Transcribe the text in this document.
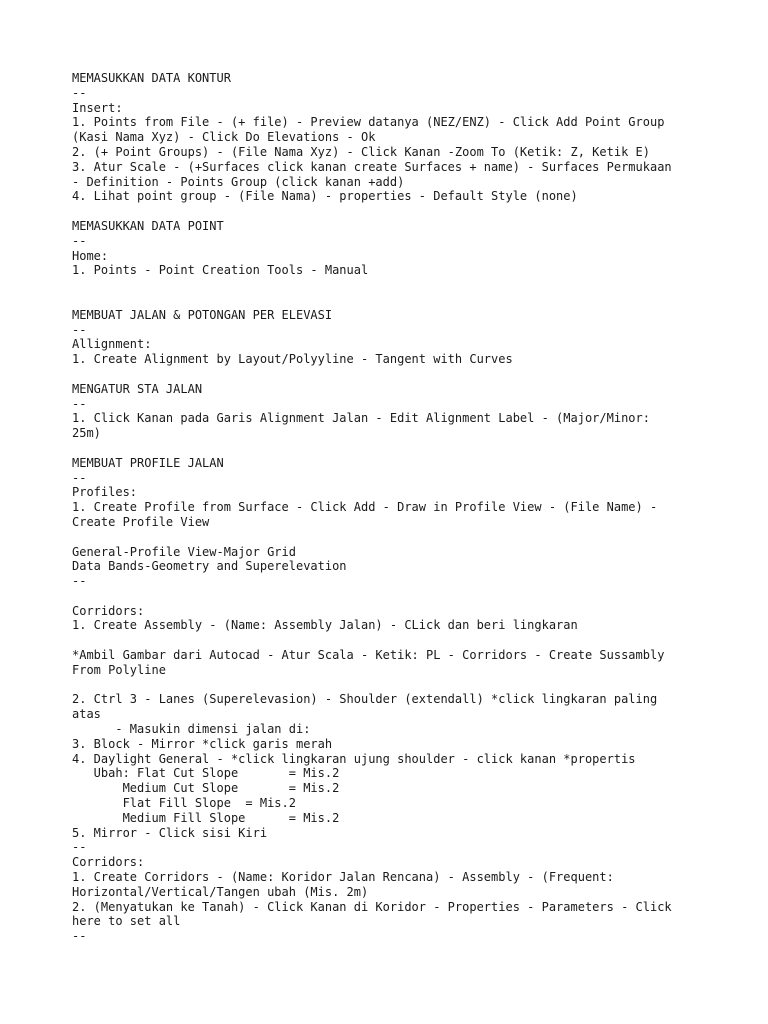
MEMASUKKAN DATA KONTUR
--
Insert:
1. Points from File - (+ file) - Preview datanya (NEZ/ENZ) - Click Add Point Group
(Kasi Nama Xyz) - Click Do Elevations - Ok
2. (+ Point Groups) - (File Nama Xyz) - Click Kanan -Zoom To (Ketik: Z, Ketik E)
3. Atur Scale - (+Surfaces click kanan create Surfaces + name) - Surfaces Permukaan
- Definition - Points Group (click kanan +add)
4. Lihat point group - (File Nama) - properties - Default Style (none)
MEMASUKKAN DATA POINT
--
Home:
1. Points - Point Creation Tools - Manual
MEMBUAT JALAN & POTONGAN PER ELEVASI
--
Allignment:
1. Create Alignment by Layout/Polyyline - Tangent with Curves
MENGATUR STA JALAN
--
1. Click Kanan pada Garis Alignment Jalan - Edit Alignment Label - (Major/Minor:
25m)
MEMBUAT PROFILE JALAN
--
Profiles:
1. Create Profile from Surface - Click Add - Draw in Profile View - (File Name) -
Create Profile View
General-Profile View-Major Grid
Data Bands-Geometry and Superelevation
--
Corridors:
1. Create Assembly - (Name: Assembly Jalan) - CLick dan beri lingkaran
*Ambil Gambar dari Autocad - Atur Scala - Ketik: PL - Corridors - Create Sussambly
From Polyline
2. Ctrl 3 - Lanes (Superelevasion) - Shoulder (extendall) *click lingkaran paling
atas
- Masukin dimensi jalan di:
3. Block - Mirror *click garis merah
4. Daylight General - *click lingkaran ujung shoulder - click kanan *propertis
Ubah: Flat Cut Slope       = Mis.2
Medium Cut Slope       = Mis.2
Flat Fill Slope  = Mis.2
Medium Fill Slope      = Mis.2
5. Mirror - Click sisi Kiri
--
Corridors:
1. Create Corridors - (Name: Koridor Jalan Rencana) - Assembly - (Frequent:
Horizontal/Vertical/Tangen ubah (Mis. 2m)
2. (Menyatukan ke Tanah) - Click Kanan di Koridor - Properties - Parameters - Click
here to set all
--
